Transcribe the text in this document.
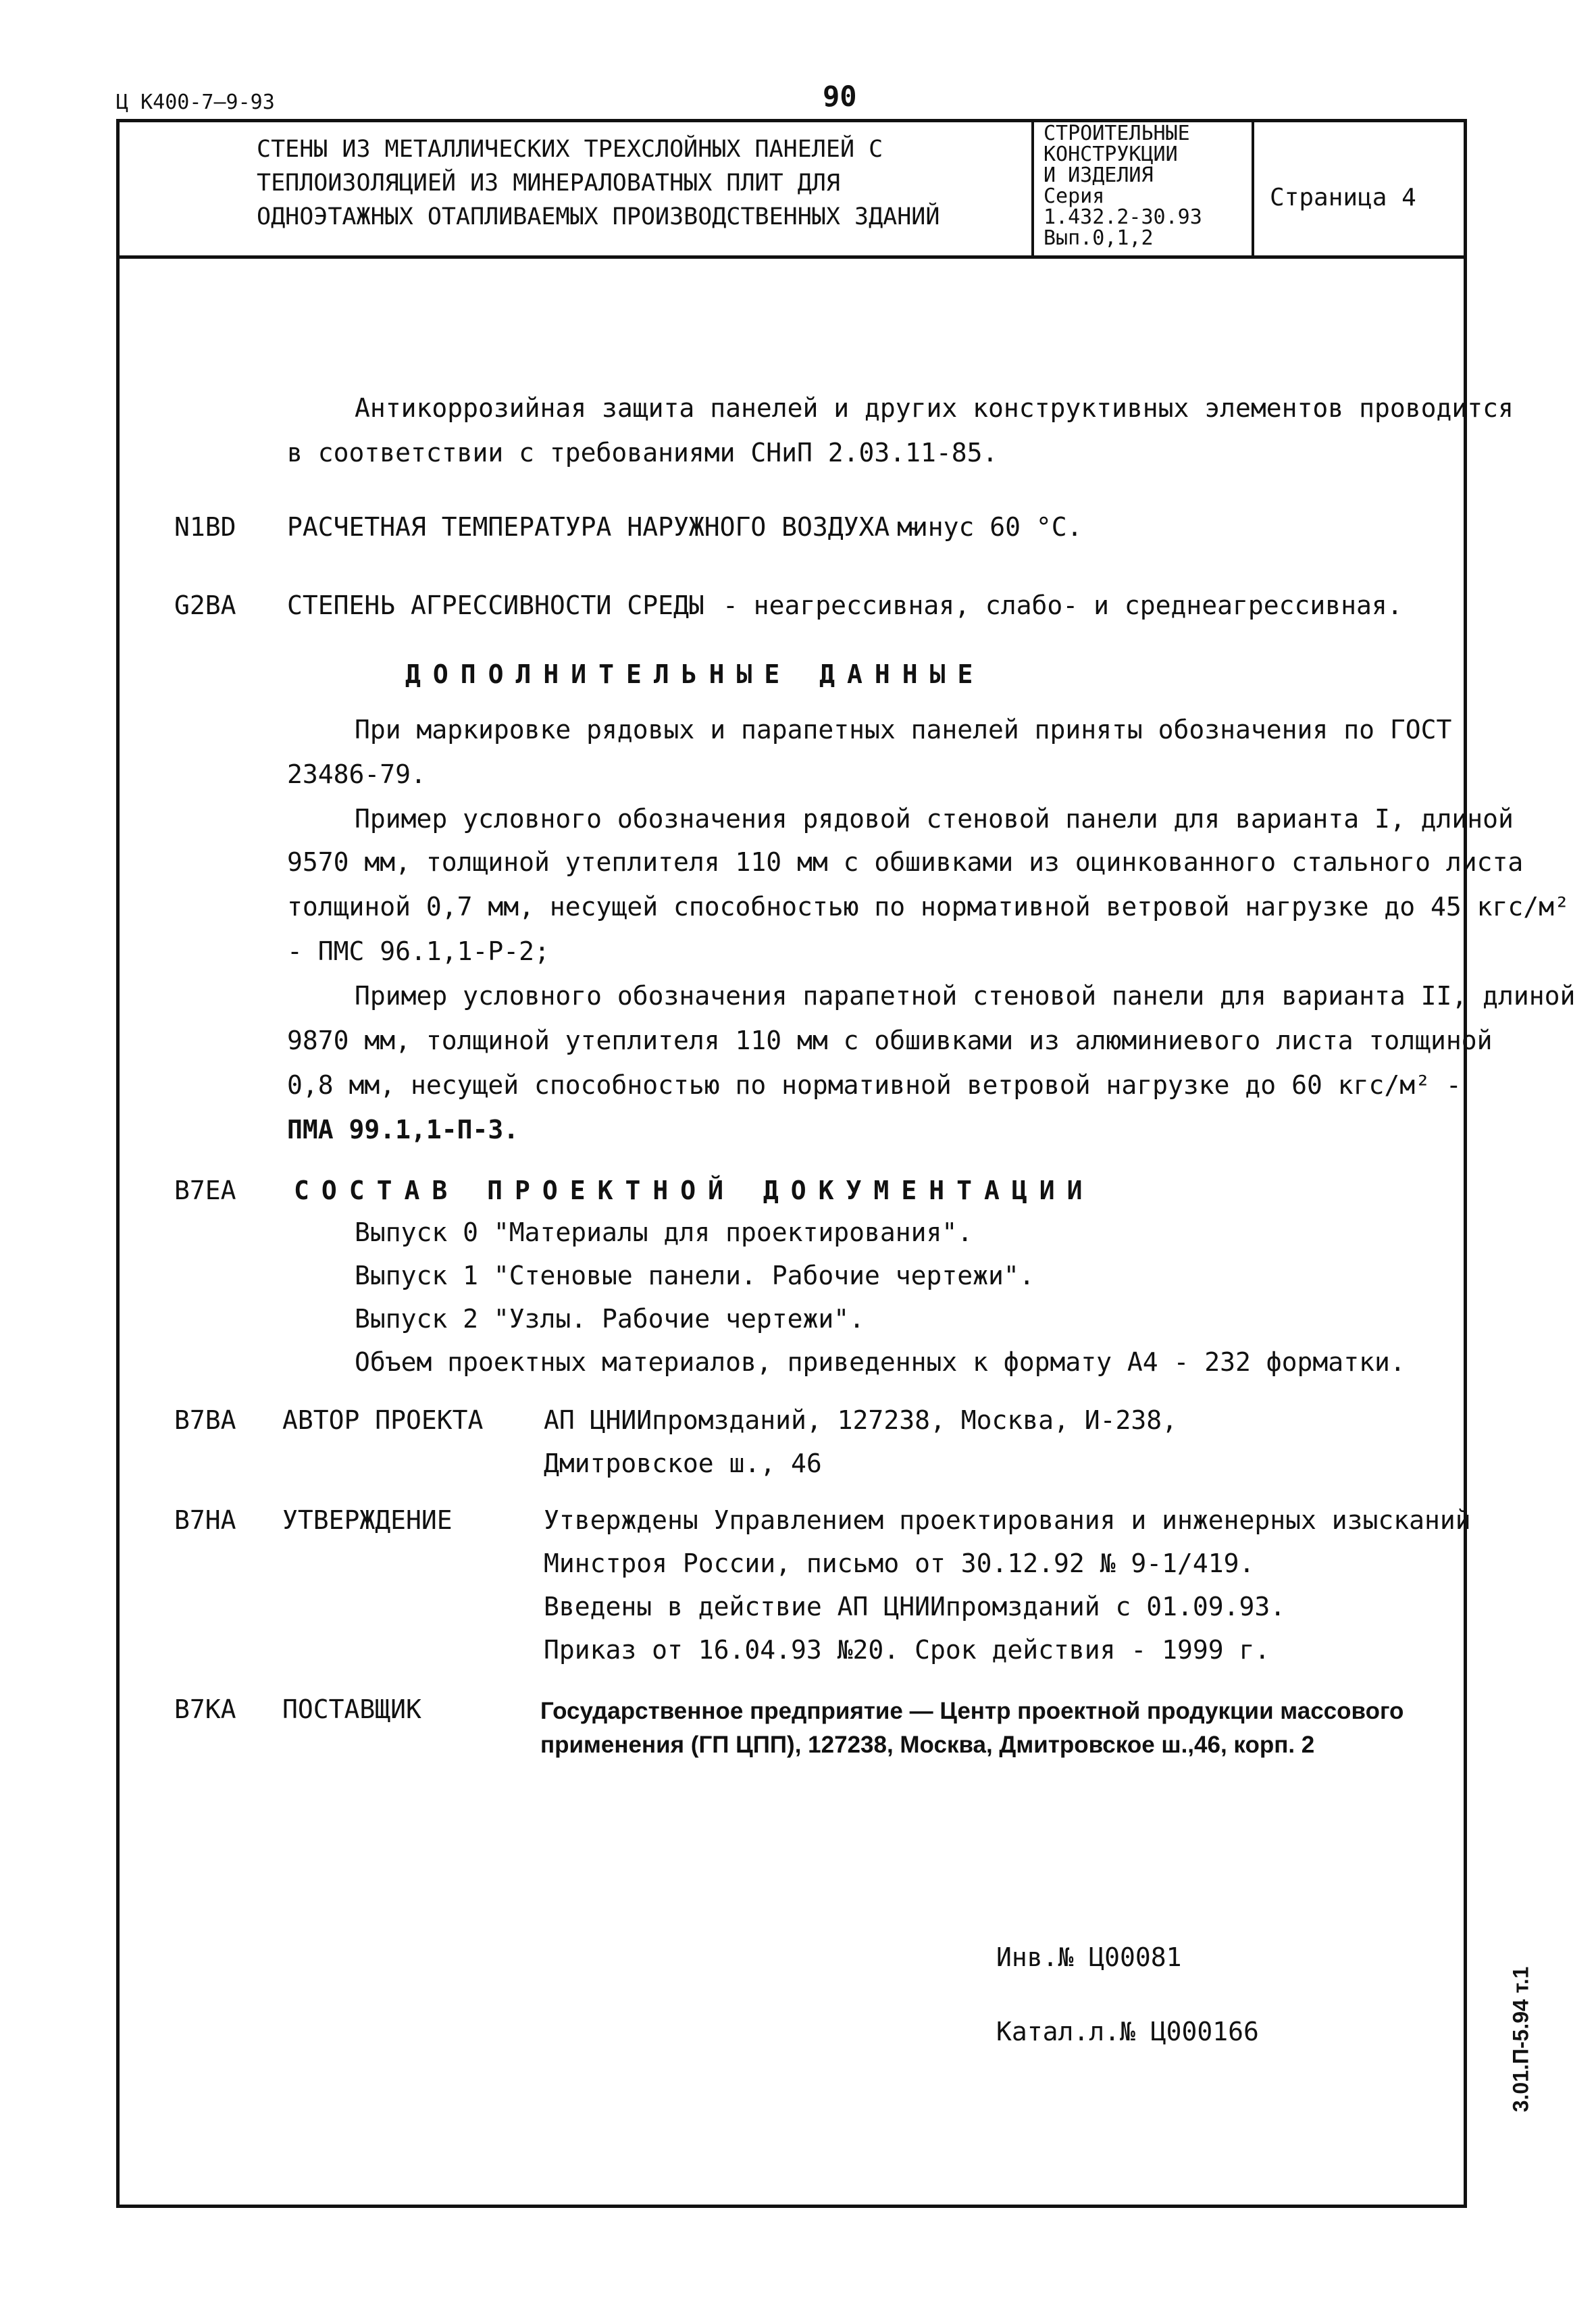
Ц К400-7—9-93	90
СТЕНЫ ИЗ МЕТАЛЛИЧЕСКИХ ТРЕХСЛОЙНЫХ ПАНЕЛЕЙ С
ТЕПЛОИЗОЛЯЦИЕЙ ИЗ МИНЕРАЛОВАТНЫХ ПЛИТ ДЛЯ
ОДНОЭТАЖНЫХ ОТАПЛИВАЕМЫХ ПРОИЗВОДСТВЕННЫХ ЗДАНИЙ
СТРОИТЕЛЬНЫЕ
КОНСТРУКЦИИ
И ИЗДЕЛИЯ
Серия
1.432.2-30.93
Вып.0,1,2
Страница 4
Антикоррозийная защита панелей и других конструктивных элементов проводится
в соответствии с требованиями СНиП 2.03.11-85.
N1BD РАСЧЕТНАЯ ТЕМПЕРАТУРА НАРУЖНОГО ВОЗДУХА -
минус 60 °С.
G2BA СТЕПЕНЬ АГРЕССИВНОСТИ СРЕДЫ - неагрессивная, слабо- и среднеагрессивная.
ДОПОЛНИТЕЛЬНЫЕ ДАННЫЕ
При маркировке рядовых и парапетных панелей приняты обозначения по ГОСТ
23486-79.
Пример условного обозначения рядовой стеновой панели для варианта I, длиной
9570 мм, толщиной утеплителя 110 мм с обшивками из оцинкованного стального листа
толщиной 0,7 мм, несущей способностью по нормативной ветровой нагрузке до 45 кгс/м²
- ПМС 96.1,1-Р-2;
Пример условного обозначения парапетной стеновой панели для варианта II, длиной
9870 мм, толщиной утеплителя 110 мм с обшивками из алюминиевого листа толщиной
0,8 мм, несущей способностью по нормативной ветровой нагрузке до 60 кгс/м² -
ПМА 99.1,1-П-3.
B7EA СОСТАВ ПРОЕКТНОЙ ДОКУМЕНТАЦИИ
Выпуск 0 "Материалы для проектирования".
Выпуск 1 "Стеновые панели. Рабочие чертежи".
Выпуск 2 "Узлы. Рабочие чертежи".
Объем проектных материалов, приведенных к формату А4 - 232 форматки.
B7BA АВТОР ПРОЕКТА АП ЦНИИпромзданий, 127238, Москва, И-238,
Дмитровское ш., 46
B7HA УТВЕРЖДЕНИЕ	Утверждены Управлением проектирования и инженерных изысканий
Минстроя России, письмо от 30.12.92 № 9-1/419.
Введены в действие АП ЦНИИпромзданий с 01.09.93.
Приказ от 16.04.93 №20. Срок действия - 1999 г.
B7KA ПОСТАВЩИК	Государственное предприятие — Центр проектной продукции массового
применения (ГП ЦПП), 127238, Москва, Дмитровское ш.,46, корп. 2
Инв.№ Ц00081
Катал.л.№ Ц000166	3.01.П-5.94 т.1
